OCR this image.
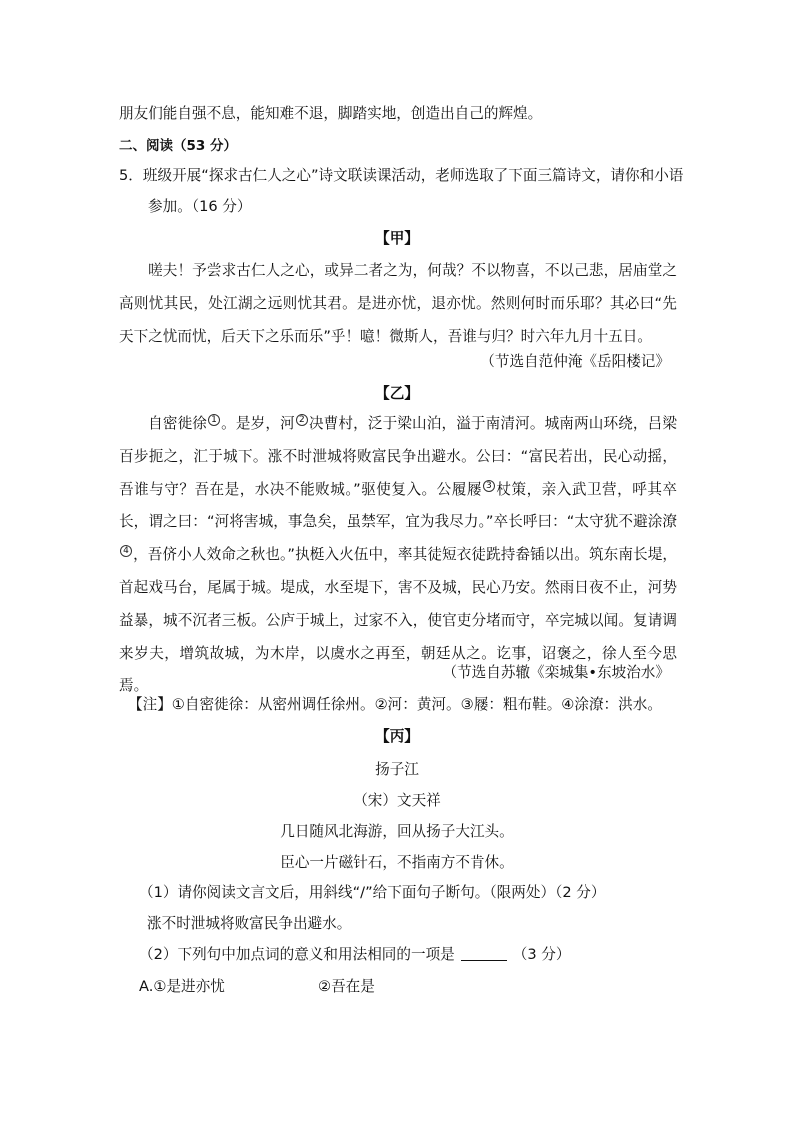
朋友们能自强不息，能知难不退，脚踏实地，创造出自己的辉煌。
二、阅读（53 分）
5．班级开展“探求古仁人之心”诗文联读课活动，老师选取了下面三篇诗文，请你和小语
参加。（16 分）
【甲】
嗟夫！予尝求古仁人之心，或异二者之为，何哉？不以物喜，不以己悲，居庙堂之高则忧其民，处江湖之远则忧其君。是进亦忧，退亦忧。然则何时而乐耶？其必曰“先天下之忧而忧，后天下之乐而乐”乎！噫！微斯人，吾谁与归？时六年九月十五日。
（节选自范仲淹《岳阳楼记》
【乙】
自密徙徐 $^1$ 。是岁，河 $^2$ 决曹村，泛于梁山泊，溢于南清河。城南两山环绕，吕梁百步扼之，汇于城下。涨不时泄城将败富民争出避水。公曰：“富民若出，民心动摇，吾谁与守？吾在是，水决不能败城。”驱使复入。公履屦 $^3$ 杖策，亲入武卫营，呼其卒长，谓之曰：“河将害城，事急矣，虽禁军，宜为我尽力。”卒长呼曰：“太守犹不避涂潦$^4$ ，吾侪小人效命之秋也。”执梃入火伍中，率其徒短衣徒跣持畚锸以出。筑东南长堤，首起戏马台，尾属于城。堤成，水至堤下，害不及城，民心乃安。然雨日夜不止，河势益暴，城不沉者三板。公庐于城上，过家不入，使官吏分堵而守，卒完城以闻。复请调来岁夫，增筑故城，为木岸，以虞水之再至，朝廷从之。讫事，诏褒之，徐人至今思焉。
（节选自苏辙《栾城集•东坡治水》
【注】①自密徙徐：从密州调任徐州。②河：黄河。③屦：粗布鞋。④涂潦：洪水。
【丙】
扬子江
（宋）文天祥
几日随风北海游，回从扬子大江头。
臣心一片磁针石，不指南方不肯休。
（1）请你阅读文言文后，用斜线“/”给下面句子断句。（限两处）（2 分）
涨不时泄城将败富民争出避水。
（2）下列句中加点词的意义和用法相同的一项是	（3 分）
A.①是进亦忧	②吾在是
